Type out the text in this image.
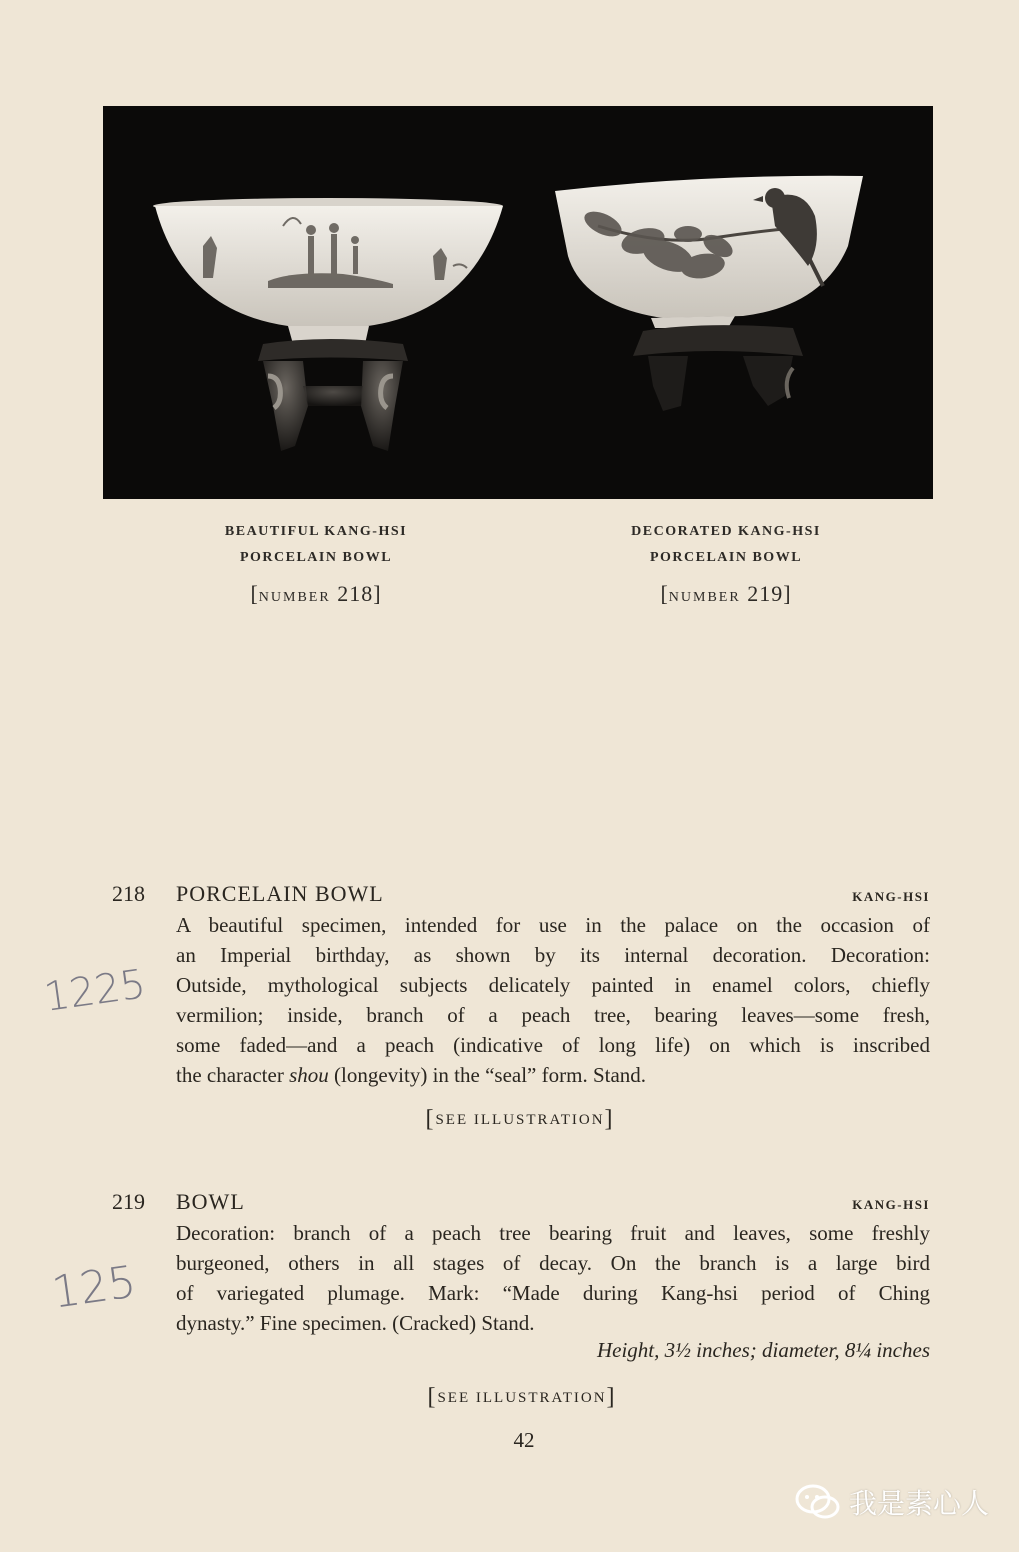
BEAUTIFUL KANG-HSI
PORCELAIN BOWL
[NUMBER 218]
DECORATED KANG-HSI
PORCELAIN BOWL
[NUMBER 219]
218 PORCELAIN BOWL	KANG-HSI
A beautiful specimen, intended for use in the palace on the occasion of
an Imperial birthday, as shown by its internal decoration. Decoration:
Outside, mythological subjects delicately painted in enamel colors, chiefly
vermilion; inside, branch of a peach tree, bearing leaves—some fresh,
some faded—and a peach (indicative of long life) on which is inscribed
the character shou (longevity) in the “seal” form. Stand.
[SEE ILLUSTRATION]
1225
219 BOWL	KANG-HSI
Decoration: branch of a peach tree bearing fruit and leaves, some freshly
burgeoned, others in all stages of decay. On the branch is a large bird
of variegated plumage. Mark: “Made during Kang-hsi period of Ching
dynasty.” Fine specimen. (Cracked) Stand.
Height, 3½ inches; diameter, 8¼ inches
[SEE ILLUSTRATION]
125
42
我是素心人
